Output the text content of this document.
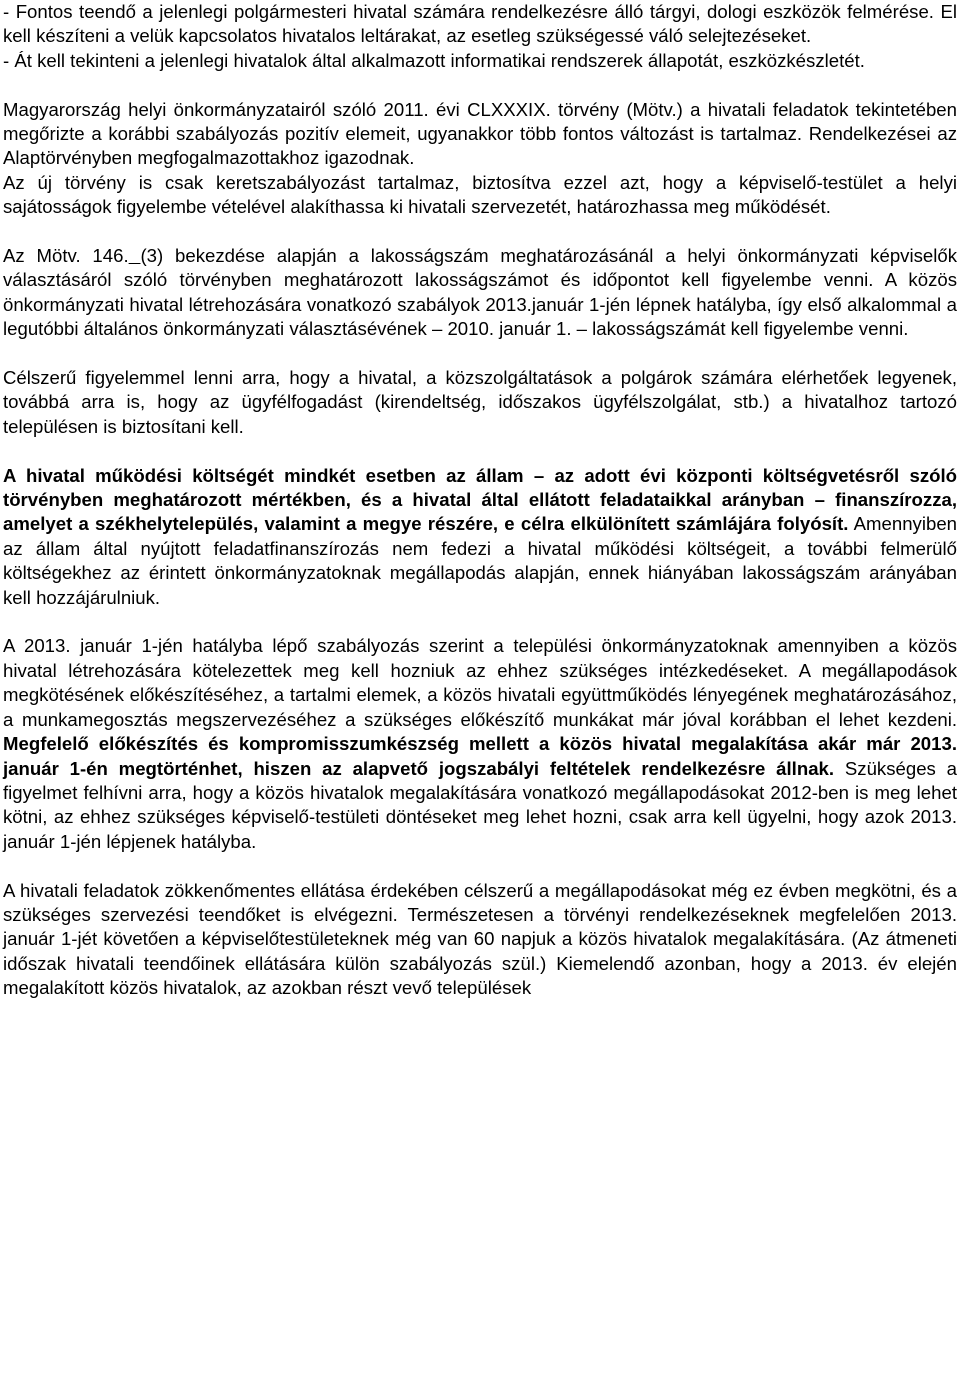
- Fontos teendő a jelenlegi polgármesteri hivatal számára rendelkezésre álló tárgyi, dologi eszközök felmérése. El kell készíteni a velük kapcsolatos hivatalos leltárakat, az esetleg szükségessé váló selejtezéseket.

- Át kell tekinteni a jelenlegi hivatalok által alkalmazott informatikai rendszerek állapotát, eszközkészletét.

Magyarország helyi önkormányzatairól szóló 2011. évi CLXXXIX. törvény (Mötv.) a hivatali feladatok tekintetében megőrizte a korábbi szabályozás pozitív elemeit, ugyanakkor több fontos változást is tartalmaz. Rendelkezései az Alaptörvényben megfogalmazottakhoz igazodnak.

Az új törvény is csak keretszabályozást tartalmaz, biztosítva ezzel azt, hogy a képviselő-testület a helyi sajátosságok figyelembe vételével alakíthassa ki hivatali szervezetét, határozhassa meg működését.

Az Mötv. 146. (3) bekezdése alapján a lakosságszám meghatározásánál a helyi önkormányzati képviselők választásáról szóló törvényben meghatározott lakosságszámot és időpontot kell figyelembe venni. A közös önkormányzati hivatal létrehozására vonatkozó szabályok 2013.január 1-jén lépnek hatályba, így első alkalommal a legutóbbi általános önkormányzati választásévének – 2010. január 1. – lakosságszámát kell figyelembe venni.

Célszerű figyelemmel lenni arra, hogy a hivatal, a közszolgáltatások a polgárok számára elérhetőek legyenek, továbbá arra is, hogy az ügyfélfogadást (kirendeltség, időszakos ügyfélszolgálat, stb.) a hivatalhoz tartozó településen is biztosítani kell.

A hivatal működési költségét mindkét esetben az állam – az adott évi központi költségvetésről szóló törvényben meghatározott mértékben, és a hivatal által ellátott feladataikkal arányban – finanszírozza, amelyet a székhelytelepülés, valamint a megye részére, e célra elkülönített számlájára folyósít. Amennyiben az állam által nyújtott feladatfinanszírozás nem fedezi a hivatal működési költségeit, a további felmerülő költségekhez az érintett önkormányzatoknak megállapodás alapján, ennek hiányában lakosságszám arányában kell hozzájárulniuk.

A 2013. január 1-jén hatályba lépő szabályozás szerint a települési önkormányzatoknak amennyiben a közös hivatal létrehozására kötelezettek meg kell hozniuk az ehhez szükséges intézkedéseket. A megállapodások megkötésének előkészítéséhez, a tartalmi elemek, a közös hivatali együttműködés lényegének meghatározásához, a munkamegosztás megszervezéséhez a szükséges előkészítő munkákat már jóval korábban el lehet kezdeni. Megfelelő előkészítés és kompromisszumkészség mellett a közös hivatal megalakítása akár már 2013. január 1-én megtörténhet, hiszen az alapvető jogszabályi feltételek rendelkezésre állnak. Szükséges a figyelmet felhívni arra, hogy a közös hivatalok megalakítására vonatkozó megállapodásokat 2012-ben is meg lehet kötni, az ehhez szükséges képviselő-testületi döntéseket meg lehet hozni, csak arra kell ügyelni, hogy azok 2013. január 1-jén lépjenek hatályba.

A hivatali feladatok zökkenőmentes ellátása érdekében célszerű a megállapodásokat még ez évben megkötni, és a szükséges szervezési teendőket is elvégezni. Természetesen a törvényi rendelkezéseknek megfelelően 2013. január 1-jét követően a képviselőtestületeknek még van 60 napjuk a közös hivatalok megalakítására. (Az átmeneti időszak hivatali teendőinek ellátására külön szabályozás szül.) Kiemelendő azonban, hogy a 2013. év elején megalakított közös hivatalok, az azokban részt vevő települések
